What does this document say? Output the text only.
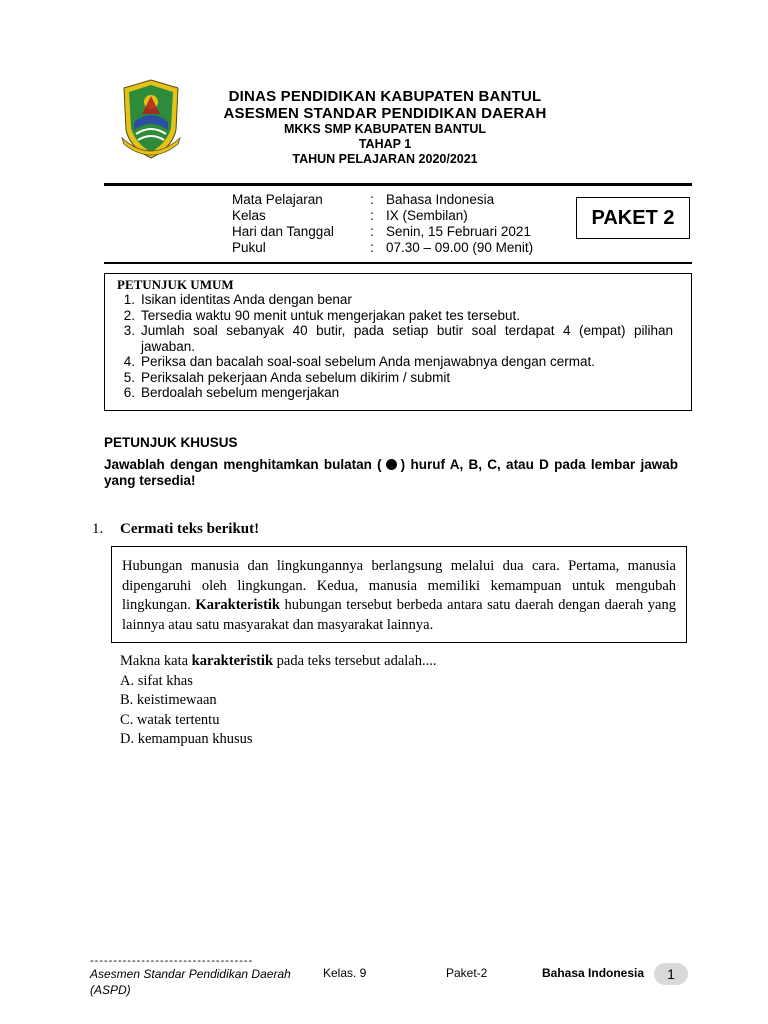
DINAS PENDIDIKAN KABUPATEN BANTUL
ASESMEN STANDAR PENDIDIKAN DAERAH
MKKS SMP KABUPATEN BANTUL
TAHAP 1
TAHUN PELAJARAN 2020/2021
Mata Pelajaran	: Bahasa Indonesia
Kelas	: IX (Sembilan)
Hari dan Tanggal	: Senin, 15 Februari 2021
Pukul	: 07.30 – 09.00 (90 Menit)
PAKET 2
PETUNJUK UMUM
1. Isikan identitas Anda dengan benar
2. Tersedia waktu 90 menit untuk mengerjakan paket tes tersebut.
3. Jumlah soal sebanyak 40 butir, pada setiap butir soal terdapat 4 (empat) pilihan jawaban.
4. Periksa dan bacalah soal-soal sebelum Anda menjawabnya dengan cermat.
5. Periksalah pekerjaan Anda sebelum dikirim / submit
6. Berdoalah sebelum mengerjakan
PETUNJUK KHUSUS
Jawablah dengan menghitamkan bulatan ( ) huruf A, B, C, atau D pada lembar jawab yang tersedia!
1. Cermati teks berikut!
Hubungan manusia dan lingkungannya berlangsung melalui dua cara. Pertama, manusia dipengaruhi oleh lingkungan. Kedua, manusia memiliki kemampuan untuk mengubah lingkungan. Karakteristik hubungan tersebut berbeda antara satu daerah dengan daerah yang lainnya atau satu masyarakat dan masyarakat lainnya.
Makna kata karakteristik pada teks tersebut adalah....
A. sifat khas
B. keistimewaan
C. watak tertentu
D. kemampuan khusus
-----------------------------------
Asesmen Standar Pendidikan Daerah (ASPD)
Kelas. 9	Paket-2	Bahasa Indonesia	1
